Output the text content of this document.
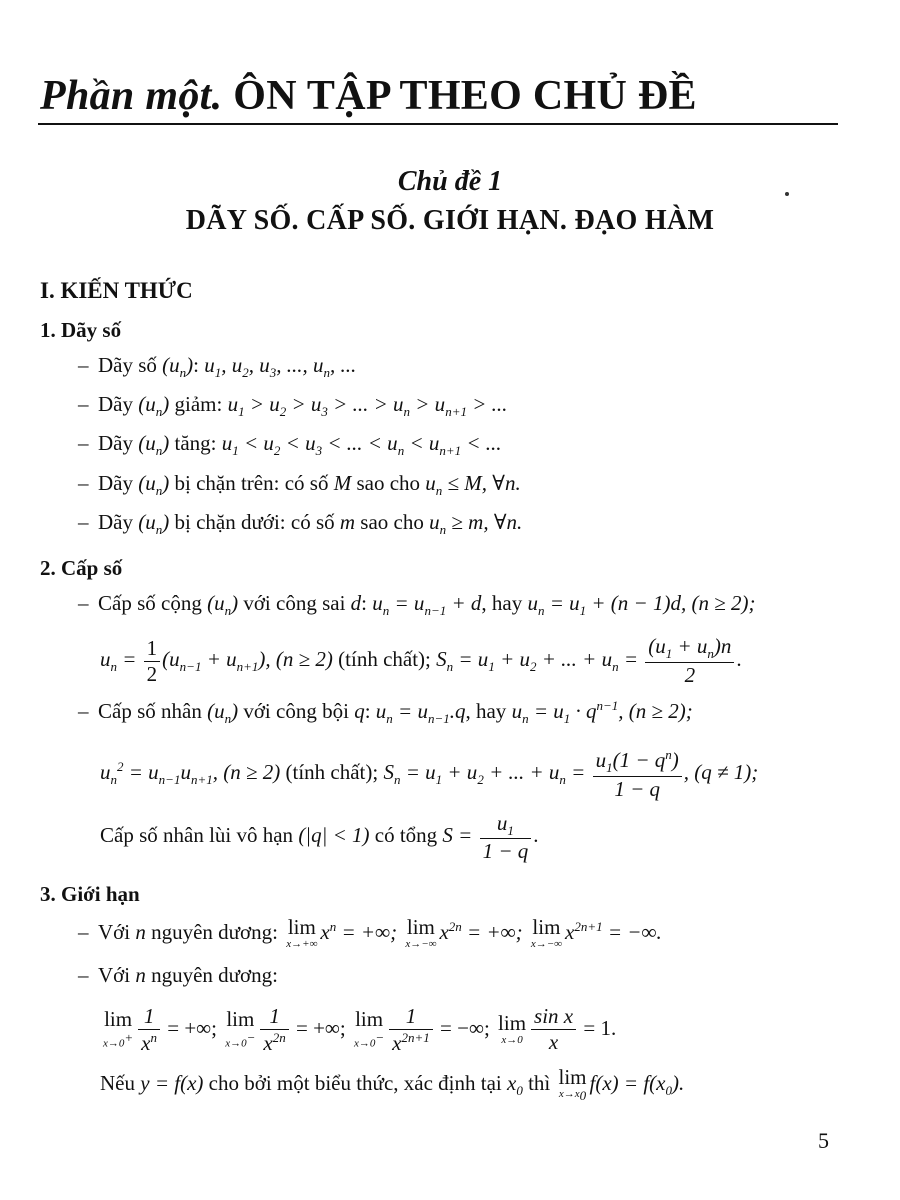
Phần một. ÔN TẬP THEO CHỦ ĐỀ
Chủ đề 1
DÃY SỐ. CẤP SỐ. GIỚI HẠN. ĐẠO HÀM
I. KIẾN THỨC
1. Dãy số
– Dãy số $(u_n)$: $u_1$, $u_2$, $u_3$, ..., $u_n$, ...
– Dãy $(u_n)$ giảm: $u_1 > u_2 > u_3$ > ... > $u_n > u_{n+1}$ > ...
– Dãy $(u_n)$ tăng: $u_1 < u_2 < u_3$ < ... < $u_n < u_{n+1}$ < ...
– Dãy $(u_n)$ bị chặn trên: có số M sao cho $u_n \le M$, ∀n.
– Dãy $(u_n)$ bị chặn dưới: có số m sao cho $u_n \ge m$, ∀n.
2. Cấp số
– Cấp số cộng $(u_n)$ với công sai d: $u_n = u_{n-1} + d$, hay $u_n = u_1 + (n - 1)d$, (n ≥ 2);
$u_n = \frac{1}{2} (u_{n-1} + u_{n+1})$, (n ≥ 2) (tính chất); $S_n = u_1 + u_2$ + ... + $u_n = \frac{(u_1 + u_n)n}{2}$ .
– Cấp số nhân $(u_n)$ với công bội q: $u_n = u_{n-1}.q$, hay $u_n = u_1 \cdot q^{n-1}$, (n ≥ 2);
$u_n^2 = u_{n-1}u_{n+1}$, (n ≥ 2) (tính chất); $S_n = u_1 + u_2$ + ... + $u_n = \frac{u_1(1 - q^n)}{1 - q}$ , (q ≠ 1);
Cấp số nhân lùi vô hạn (|q| < 1) có tổng $S = \frac{u_1}{1 - q}$ .
3. Giới hạn
– Với n nguyên dương: lim
x→+∞
$x^n$ = +∞; lim
x→−∞
$x^{2n}$ = +∞; lim
x→−∞
$x^{2n+1}$ = −∞.
– Với n nguyên dương:
lim
$x\to 0^+ \frac{1}{x^n}$ = +∞; lim
$x\to 0^- \frac{1}{x^{2n}}$ = +∞; lim
$x\to 0^- \frac{1}{x^{2n+1}}$ = −∞; lim
$x\to 0 \frac{\text{sin x}}{x} = 1$.
Nếu y = f(x) cho bởi một biểu thức, xác định tại $x_0$ thì lim
$x\to x_0$
$f(x) = f(x_0)$.
5
